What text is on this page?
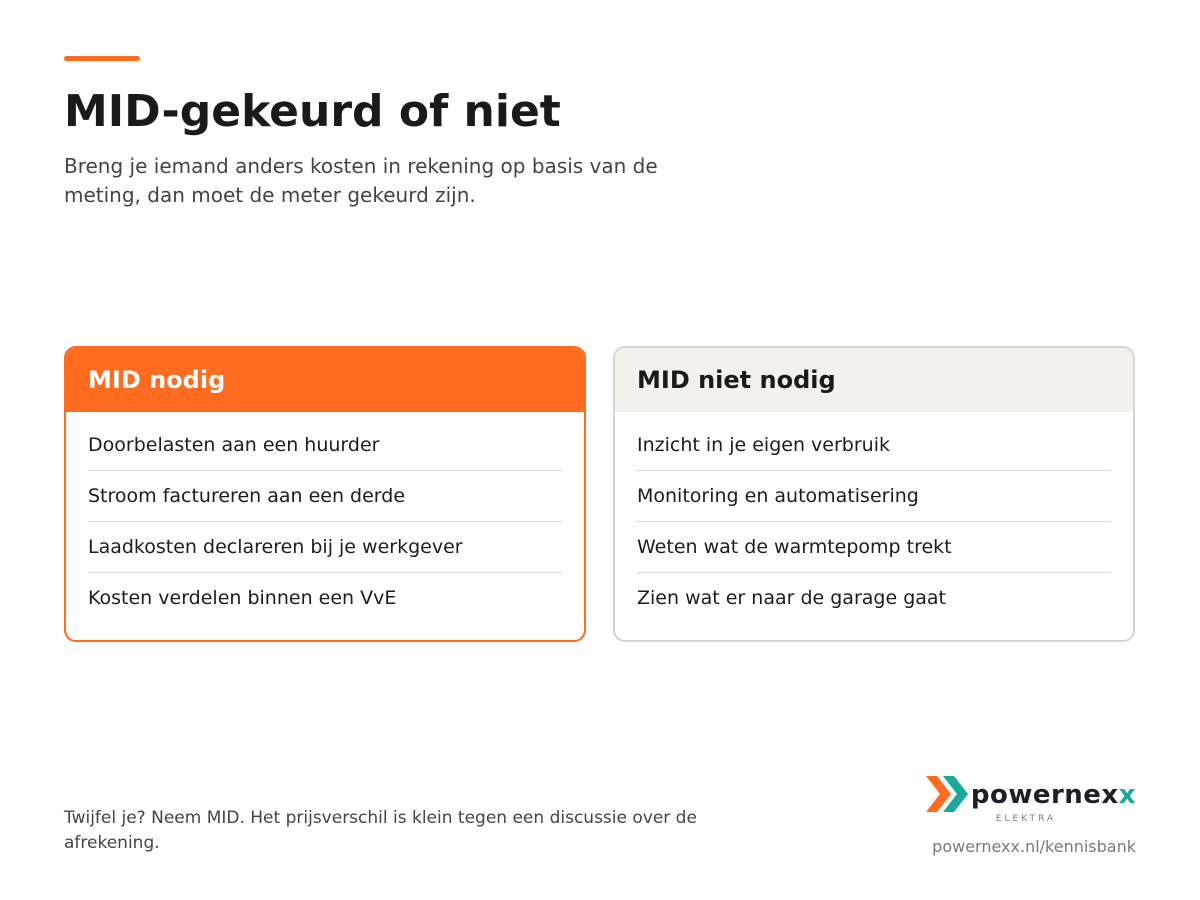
MID-gekeurd of niet

Breng je iemand anders kosten in rekening op basis van de meting, dan moet de meter gekeurd zijn.

MID nodig
Doorbelasten aan een huurder
Stroom factureren aan een derde
Laadkosten declareren bij je werkgever
Kosten verdelen binnen een VvE
MID niet nodig
Inzicht in je eigen verbruik
Monitoring en automatisering
Weten wat de warmtepomp trekt
Zien wat er naar de garage gaat

Twijfel je? Neem MID. Het prijsverschil is klein tegen een discussie over de afrekening.

powernexx
ELEKTRA
powernexx.nl/kennisbank
